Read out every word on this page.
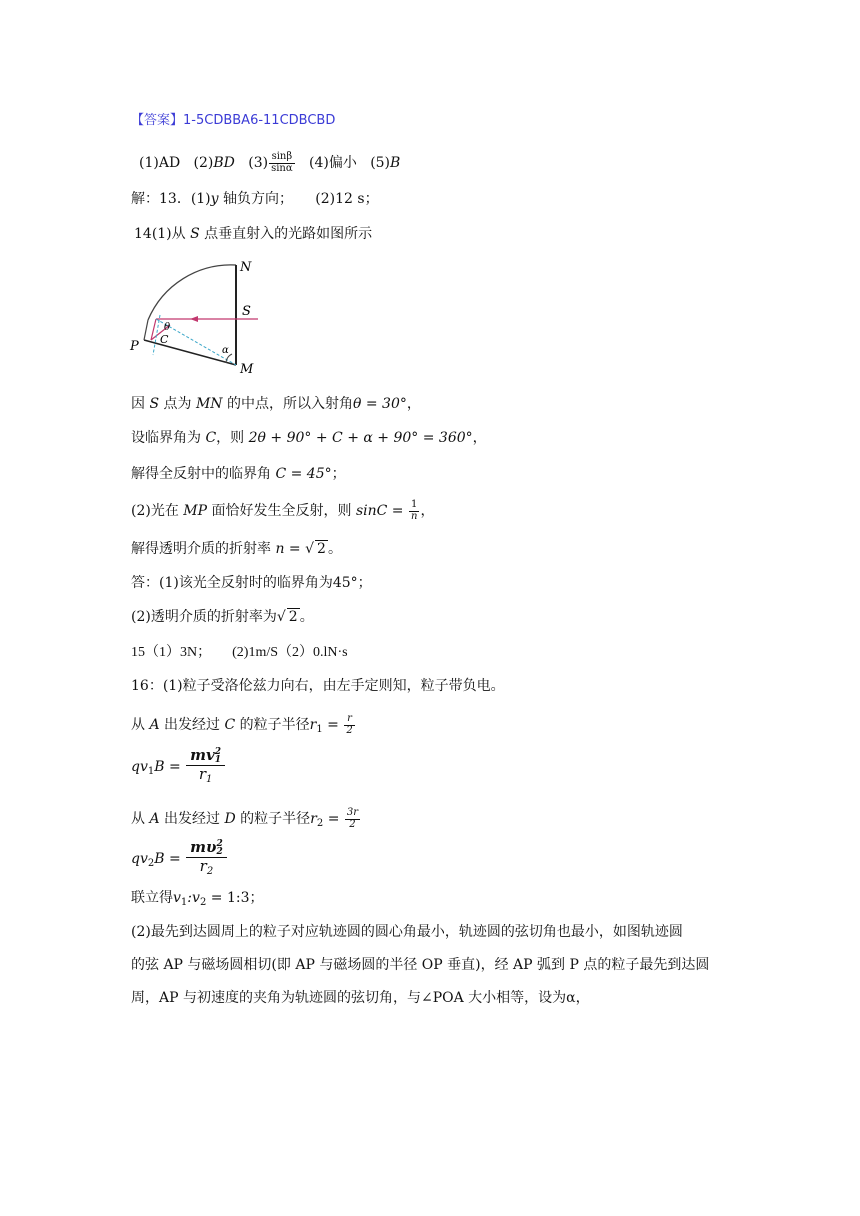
【答案】1-5CDBBA6-11CDBCBD
(1)AD (2)BD $(3) \frac{\sin\beta}{\sin\alpha} (4)$偏小 (5)B
解：13．(1)y 轴负方向； (2)12 s；
14(1)从 S 点垂直射入的光路如图所示
N
S
P
M
θ
C
α
因 S 点为 MN 的中点，所以入射角θ = 30°，
设临界角为 C，则 2θ + 90° + C + α + 90° = 360°，
解得全反射中的临界角 C = 45°；
(2)光在 MP 面恰好发生全反射，则 $\sin C = \frac{1}{n}$ ，
解得透明介质的折射率 n = √ 2 。
答：(1)该光全反射时的临界角为45°；
(2)透明介质的折射率为√ 2 。
15（1）3N； (2)1m/S（2）0.lN·s
16：(1)粒子受洛伦兹力向右，由左手定则知，粒子带负电。
从 A 出发经过 C 的粒子半径$r_1 = \frac{r}{2}$
$qv_1B$ = mv 2
1
$r_1$
从 A 出发经过 D 的粒子半径$r_2 = \frac{3r}{2}$
$qv_2B = m\upsilon$ 2
2
$r_2$
联立得$v_1:v_2$ = 1:3；
(2)最先到达圆周上的粒子对应轨迹圆的圆心角最小，轨迹圆的弦切角也最小，如图轨迹圆
的弦 AP 与磁场圆相切(即 AP 与磁场圆的半径 OP 垂直)，经 AP 弧到 P 点的粒子最先到达圆
周，AP 与初速度的夹角为轨迹圆的弦切角，与∠POA 大小相等，设为α，
